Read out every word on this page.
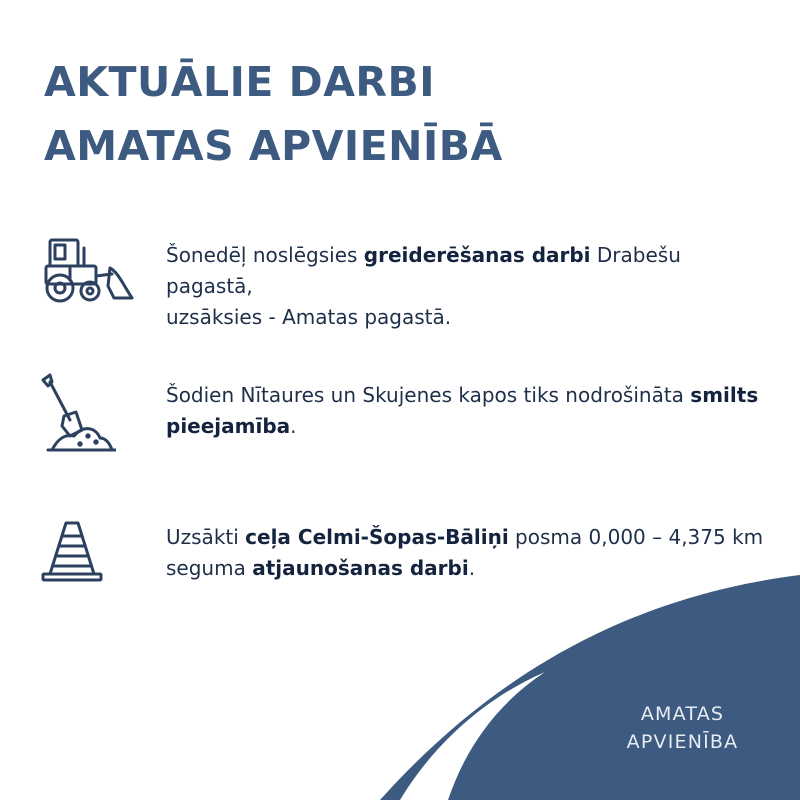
AKTUĀLIE DARBI
AMATAS APVIENĪBĀ

Šonedēļ noslēgsies greiderēšanas darbi Drabešu pagastā,
uzsāksies - Amatas pagastā.

Šodien Nītaures un Skujenes kapos tiks nodrošināta smilts
pieejamība.

Uzsākti ceļa Celmi-Šopas-Bāliņi posma 0,000 – 4,375 km
seguma atjaunošanas darbi.

AMATAS
APVIENĪBA
